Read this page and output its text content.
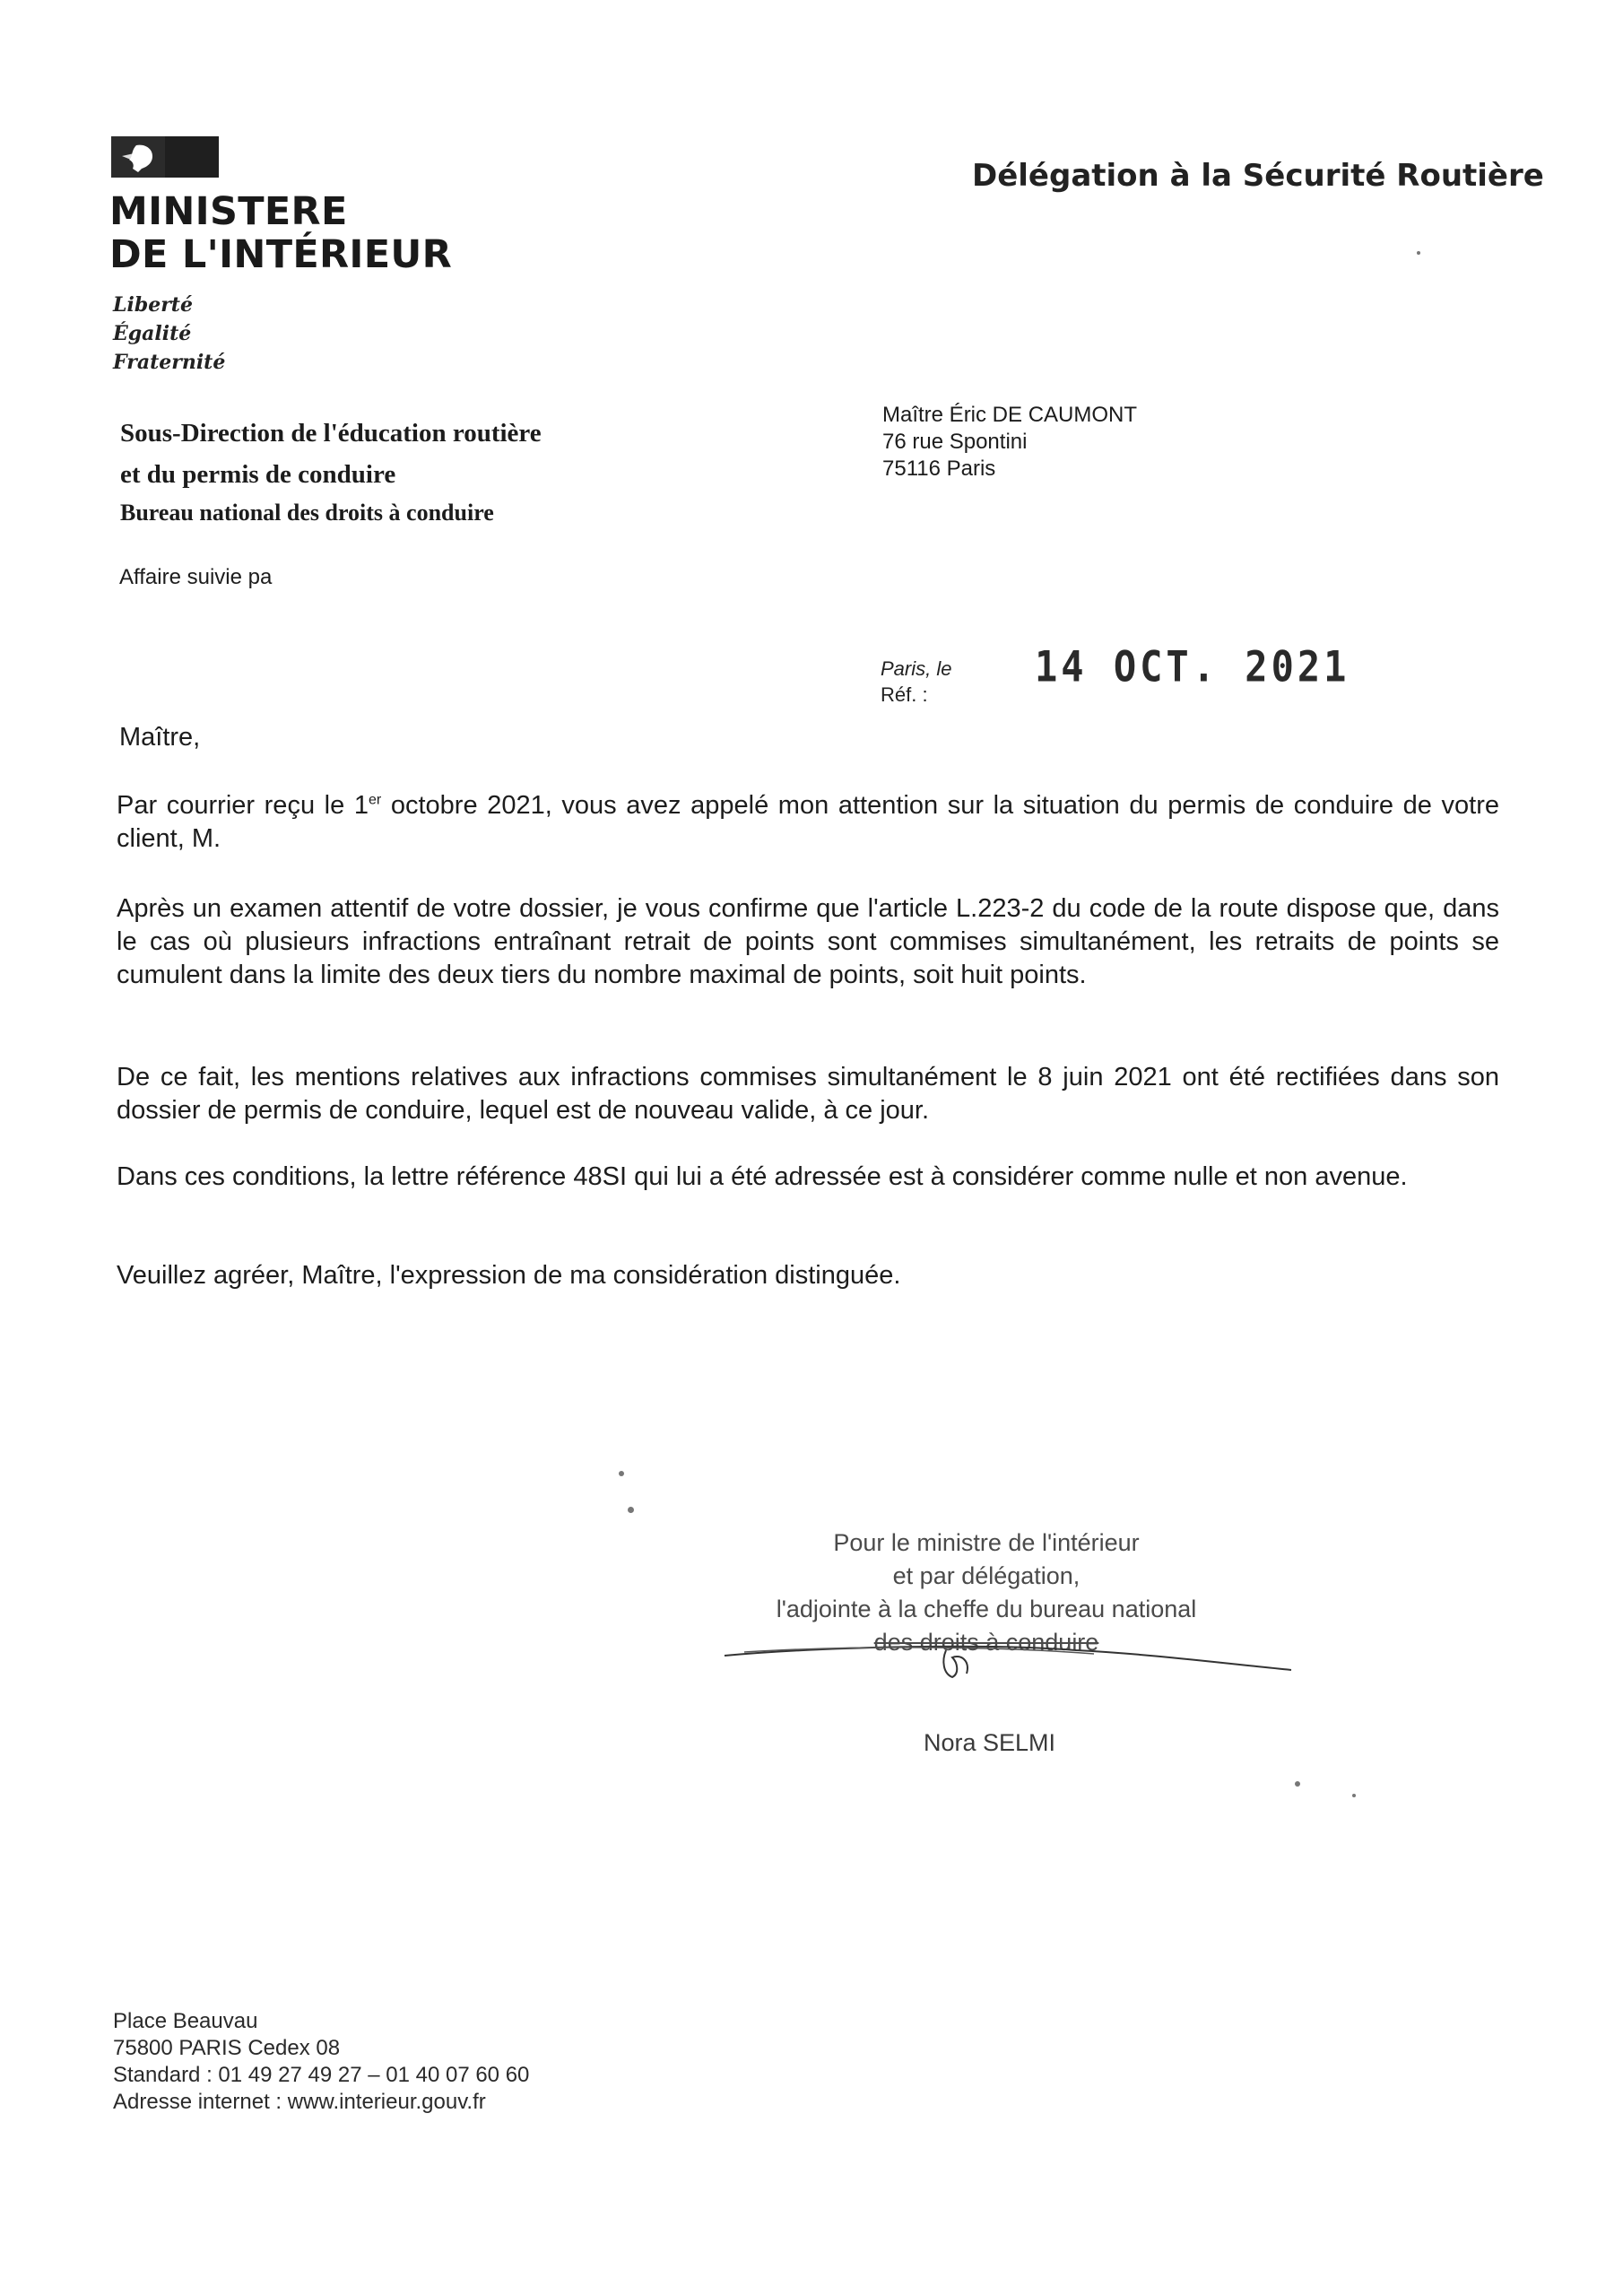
MINISTERE
DE L'INTÉRIEUR
Liberté
Égalité
Fraternité
Délégation à la Sécurité Routière
Sous-Direction de l'éducation routière
et du permis de conduire
Bureau national des droits à conduire
Maître Éric DE CAUMONT
76 rue Spontini
75116 Paris
Affaire suivie pa
Paris, le
Réf. :
14 OCT. 2021
Maître,
Par courrier reçu le 1er octobre 2021, vous avez appelé mon attention sur la situation du permis de conduire de votre client, M.
Après un examen attentif de votre dossier, je vous confirme que l'article L.223-2 du code de la route dispose que, dans le cas où plusieurs infractions entraînant retrait de points sont commises simultanément, les retraits de points se cumulent dans la limite des deux tiers du nombre maximal de points, soit huit points.
De ce fait, les mentions relatives aux infractions commises simultanément le 8 juin 2021 ont été rectifiées dans son dossier de permis de conduire, lequel est de nouveau valide, à ce jour.
Dans ces conditions, la lettre référence 48SI qui lui a été adressée est à considérer comme nulle et non avenue.
Veuillez agréer, Maître, l'expression de ma considération distinguée.
Pour le ministre de l'intérieur
et par délégation,
l'adjointe à la cheffe du bureau national
des droits à conduire
Nora SELMI
Place Beauvau
75800 PARIS Cedex 08
Standard : 01 49 27 49 27 – 01 40 07 60 60
Adresse internet : www.interieur.gouv.fr
